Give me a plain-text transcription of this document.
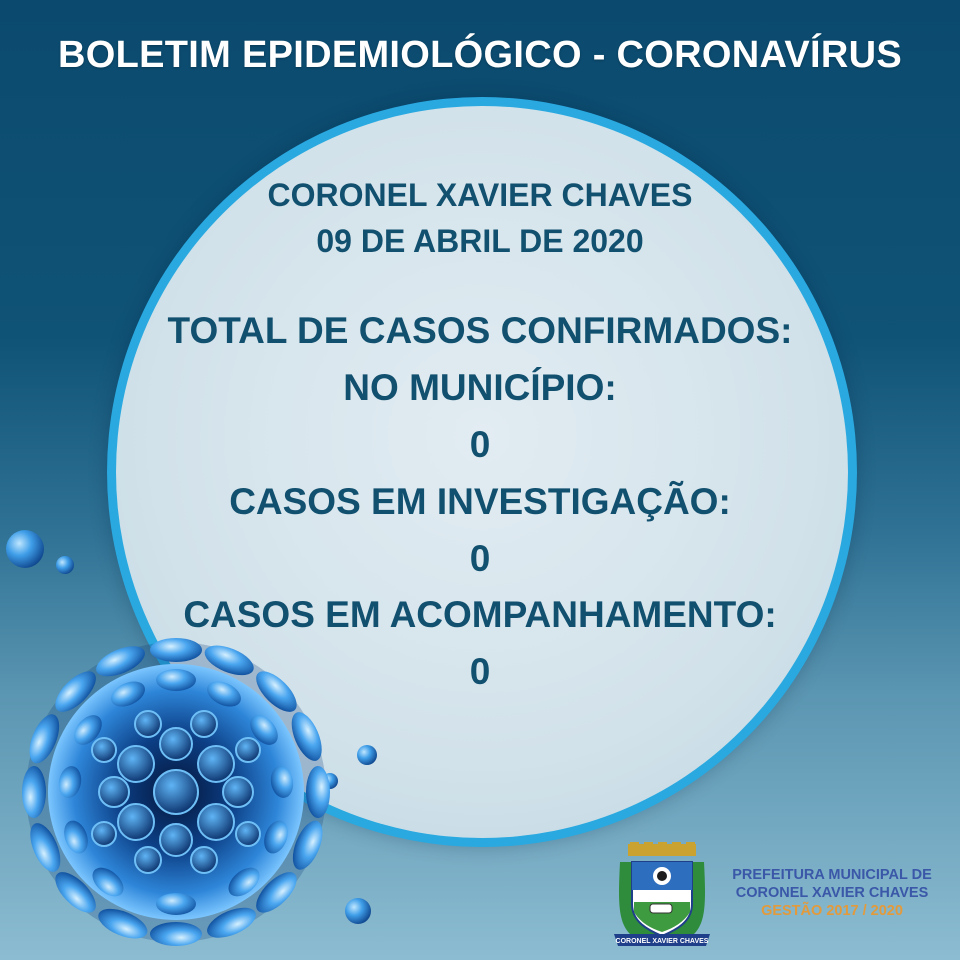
BOLETIM EPIDEMIOLÓGICO - CORONAVÍRUS
CORONEL XAVIER CHAVES
09 DE ABRIL DE 2020
TOTAL DE CASOS CONFIRMADOS:
NO MUNICÍPIO:
0
CASOS EM INVESTIGAÇÃO:
0
CASOS EM ACOMPANHAMENTO:
0
CORONEL XAVIER CHAVES
PREFEITURA MUNICIPAL DE
CORONEL XAVIER CHAVES
GESTÃO 2017 / 2020
